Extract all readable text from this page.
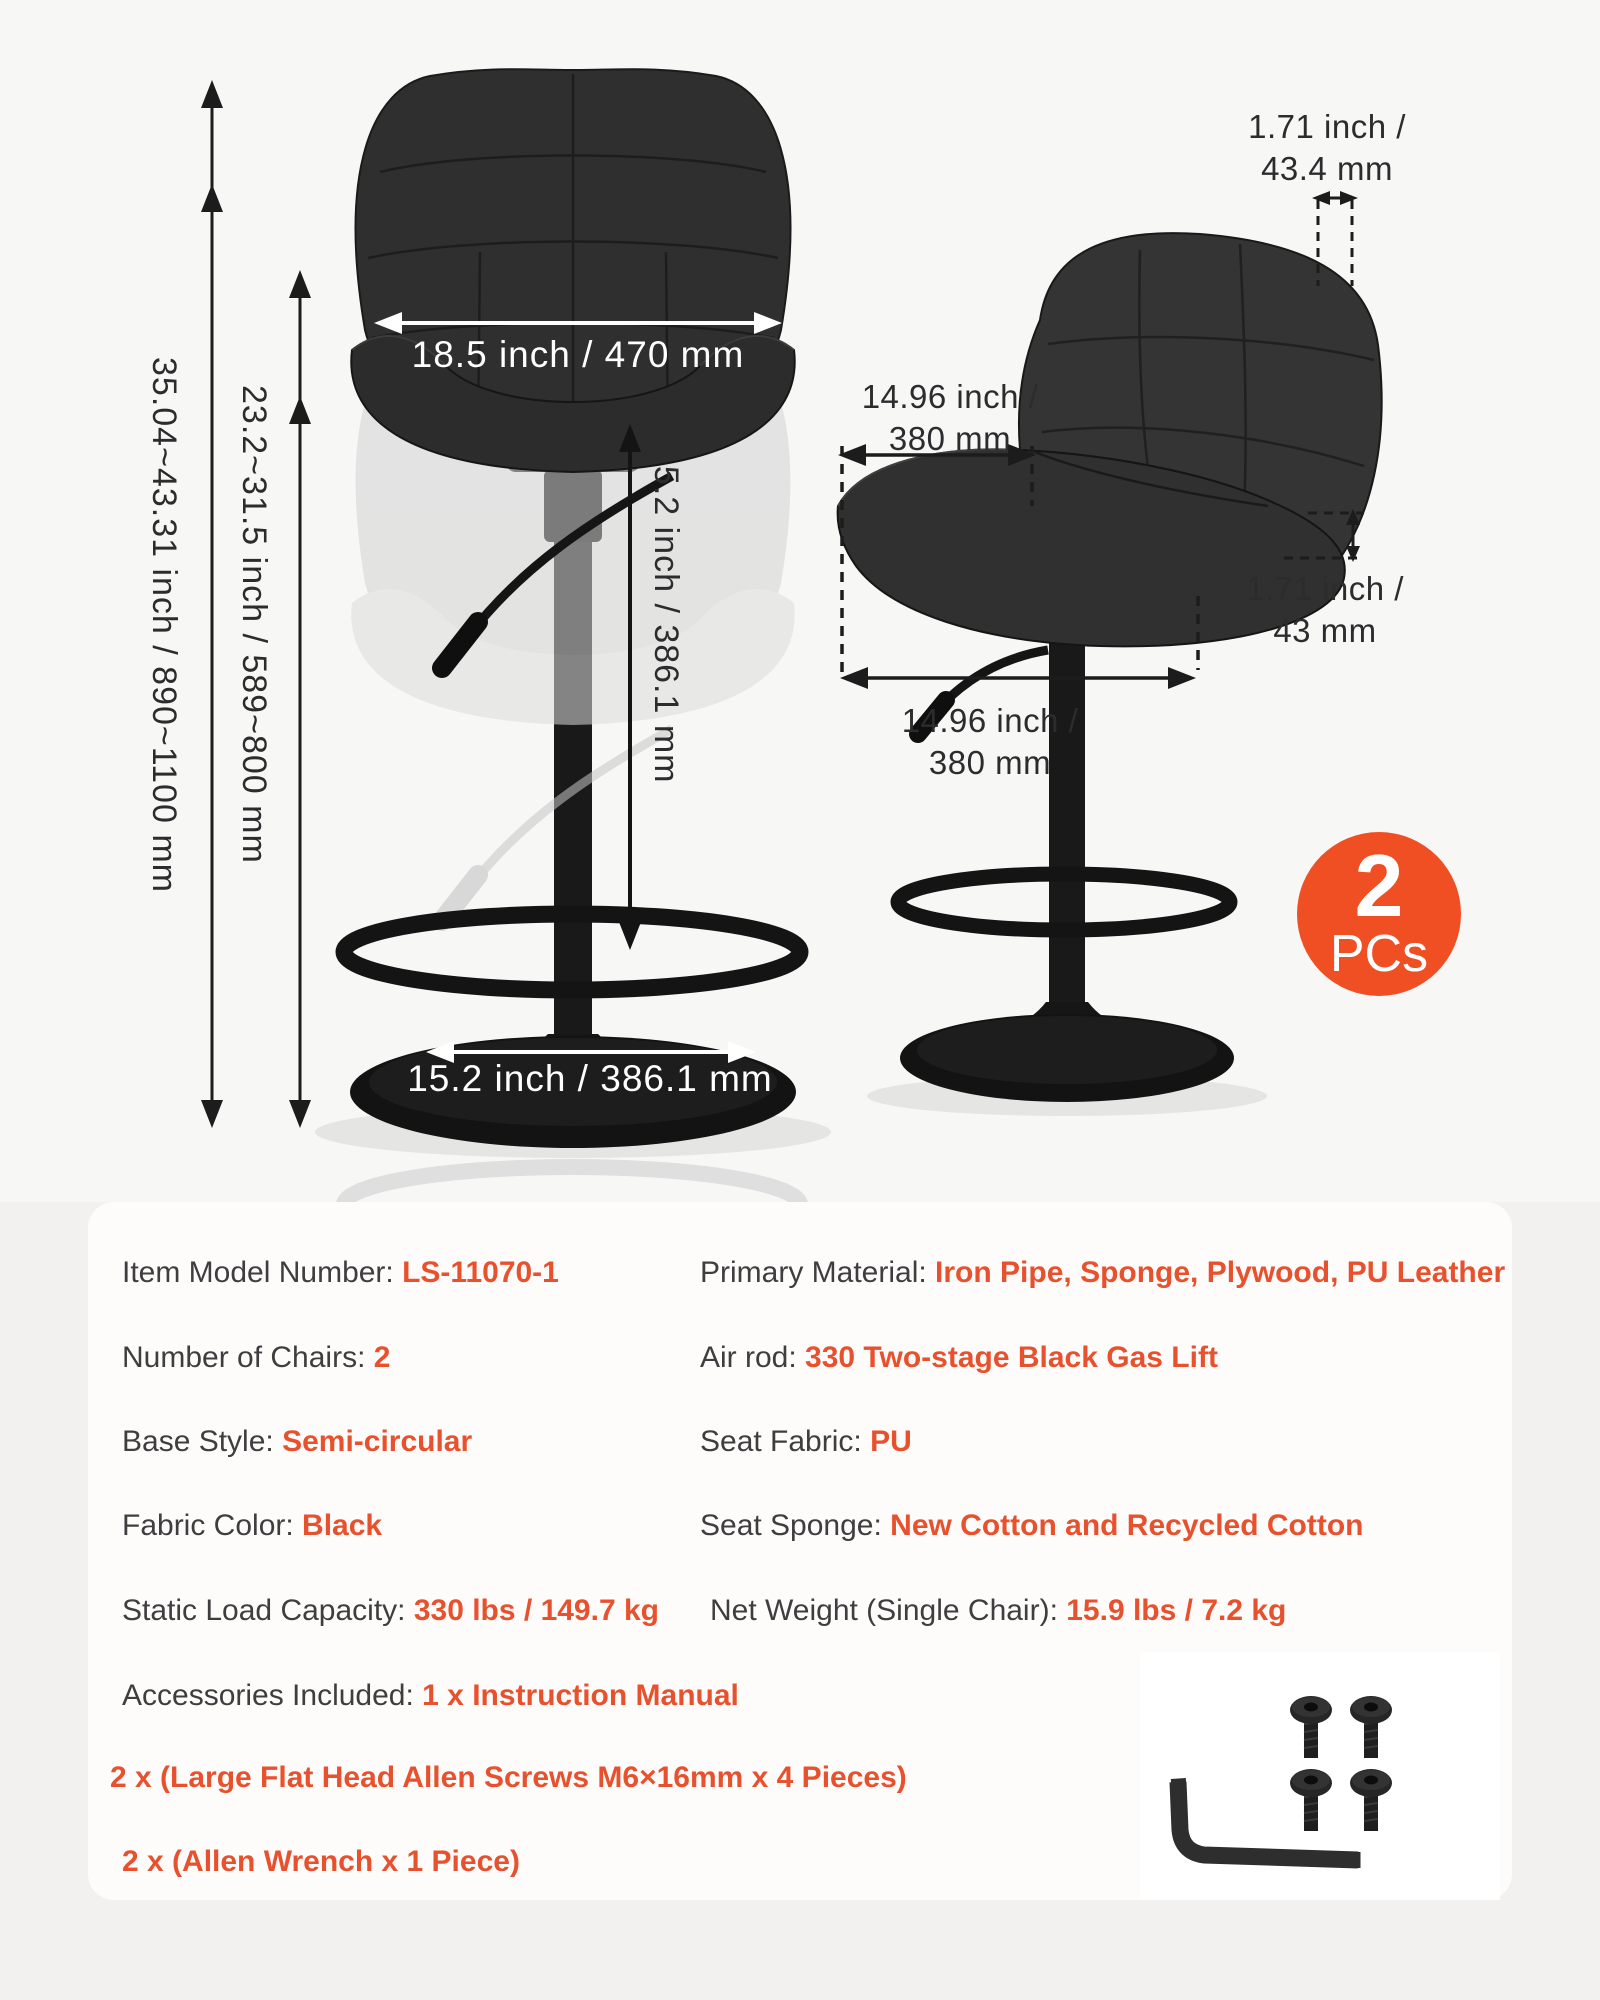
35.04~43.31 inch / 890~1100 mm 23.2~31.5 inch / 589~800 mm
18.5 inch / 470 mm
15.2 inch / 386.1 mm
15.2 inch / 386.1 mm
1.71 inch /
43.4 mm
14.96 inch /
380 mm
1.71 inch /
43 mm
14.96 inch /
380 mm
2
PCs
Item Model Number: LS-11070-1
Number of Chairs: 2
Base Style: Semi-circular
Fabric Color: Black
Static Load Capacity: 330 lbs / 149.7 kg
Accessories Included: 1 x Instruction Manual
Primary Material: Iron Pipe, Sponge, Plywood, PU Leather
Air rod: 330 Two-stage Black Gas Lift
Seat Fabric: PU
Seat Sponge: New Cotton and Recycled Cotton
Net Weight (Single Chair): 15.9 lbs / 7.2 kg
2 x (Large Flat Head Allen Screws M6×16mm x 4 Pieces)
2 x (Allen Wrench x 1 Piece)
